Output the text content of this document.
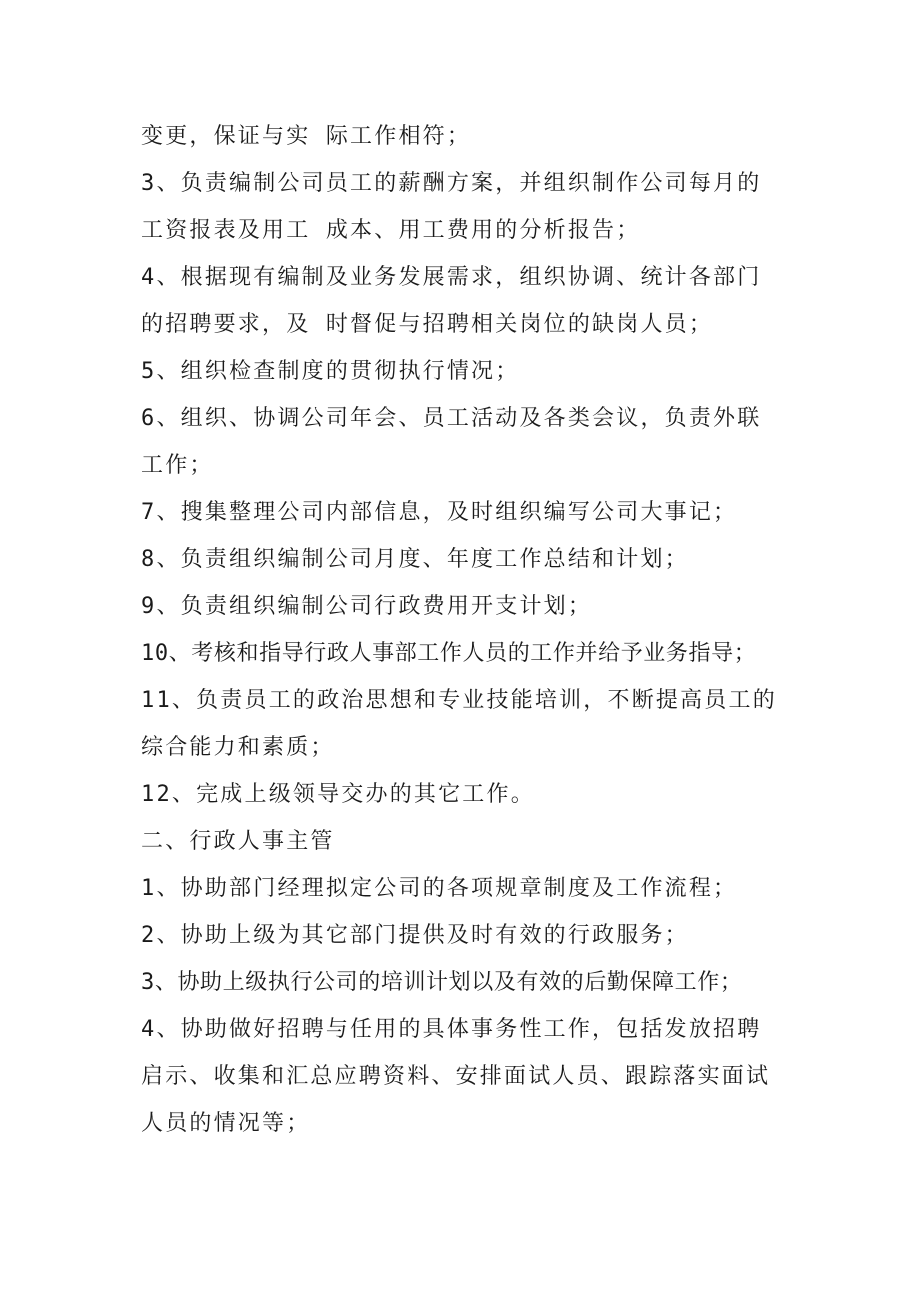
变更，保证与实 际工作相符；
3、负责编制公司员工的薪酬方案，并组织制作公司每月的
工资报表及用工 成本、用工费用的分析报告；
4、根据现有编制及业务发展需求，组织协调、统计各部门
的招聘要求，及 时督促与招聘相关岗位的缺岗人员；
5、组织检查制度的贯彻执行情况；
6、组织、协调公司年会、员工活动及各类会议，负责外联
工作；
7、搜集整理公司内部信息，及时组织编写公司大事记；
8、负责组织编制公司月度、年度工作总结和计划；
9、负责组织编制公司行政费用开支计划；
10、考核和指导行政人事部工作人员的工作并给予业务指导；
11、负责员工的政治思想和专业技能培训，不断提高员工的
综合能力和素质；
12、完成上级领导交办的其它工作。
二、行政人事主管
1、协助部门经理拟定公司的各项规章制度及工作流程；
2、协助上级为其它部门提供及时有效的行政服务；
3、协助上级执行公司的培训计划以及有效的后勤保障工作；
4、协助做好招聘与任用的具体事务性工作，包括发放招聘
启示、收集和汇总应聘资料、安排面试人员、跟踪落实面试
人员的情况等；
